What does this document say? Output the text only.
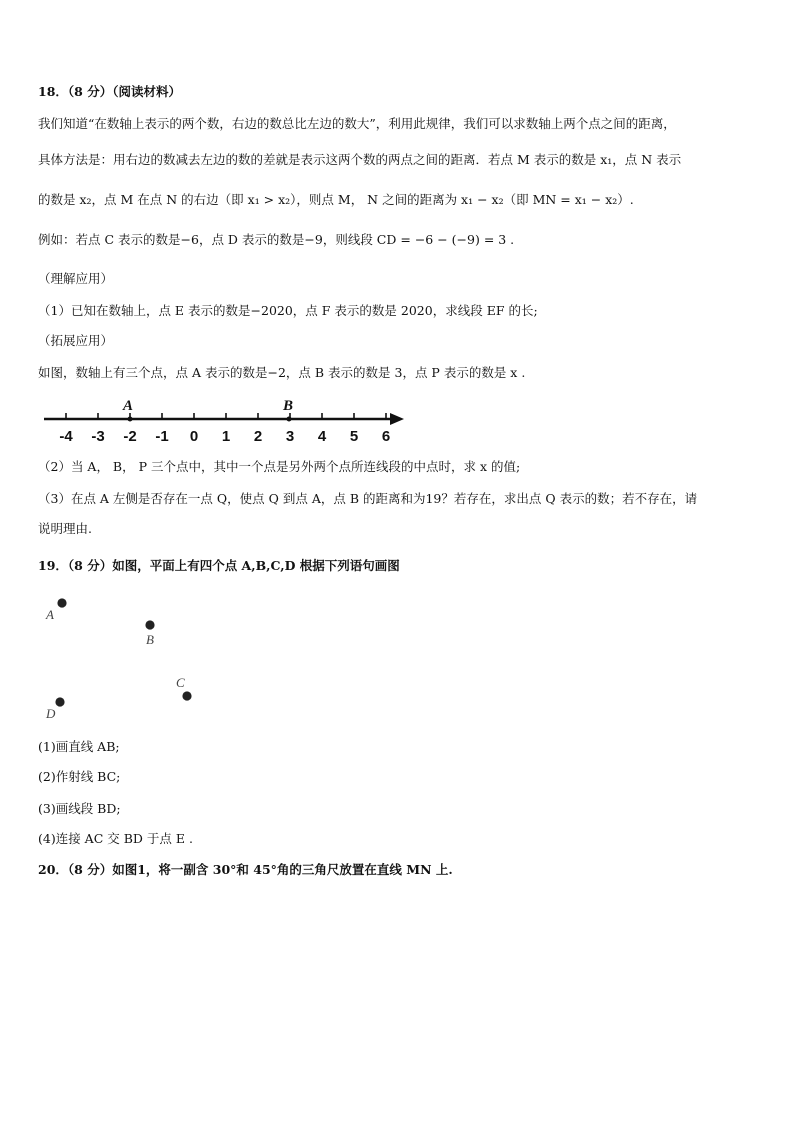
18．（8 分）（阅读材料）
我们知道“在数轴上表示的两个数，右边的数总比左边的数大”，利用此规律，我们可以求数轴上两个点之间的距离，
具体方法是：用右边的数减去左边的数的差就是表示这两个数的两点之间的距离．若点 M 表示的数是 x₁，点 N 表示
的数是 x₂，点 M 在点 N 的右边（即 x₁ > x₂），则点 M， N 之间的距离为 x₁ − x₂（即 MN = x₁ − x₂）.
例如：若点 C 表示的数是−6，点 D 表示的数是−9，则线段 CD = −6 − (−9) = 3 .
（理解应用）
（1）已知在数轴上，点 E 表示的数是−2020，点 F 表示的数是 2020，求线段 EF 的长;
（拓展应用）
如图，数轴上有三个点，点 A 表示的数是−2，点 B 表示的数是 3，点 P 表示的数是 x .
-4 -3 -2 -1 0 1 2 3 4 5 6
A	B
（2）当 A， B， P 三个点中，其中一个点是另外两个点所连线段的中点时，求 x 的值;
（3）在点 A 左侧是否存在一点 Q，使点 Q 到点 A，点 B 的距离和为19？若存在，求出点 Q 表示的数；若不存在，请
说明理由.
19．（8 分）如图，平面上有四个点 A,B,C,D 根据下列语句画图
A
B
C
D
(1)画直线 AB;
(2)作射线 BC;
(3)画线段 BD;
(4)连接 AC 交 BD 于点 E .
20．（8 分）如图1，将一副含 30°和 45°角的三角尺放置在直线 MN 上.
